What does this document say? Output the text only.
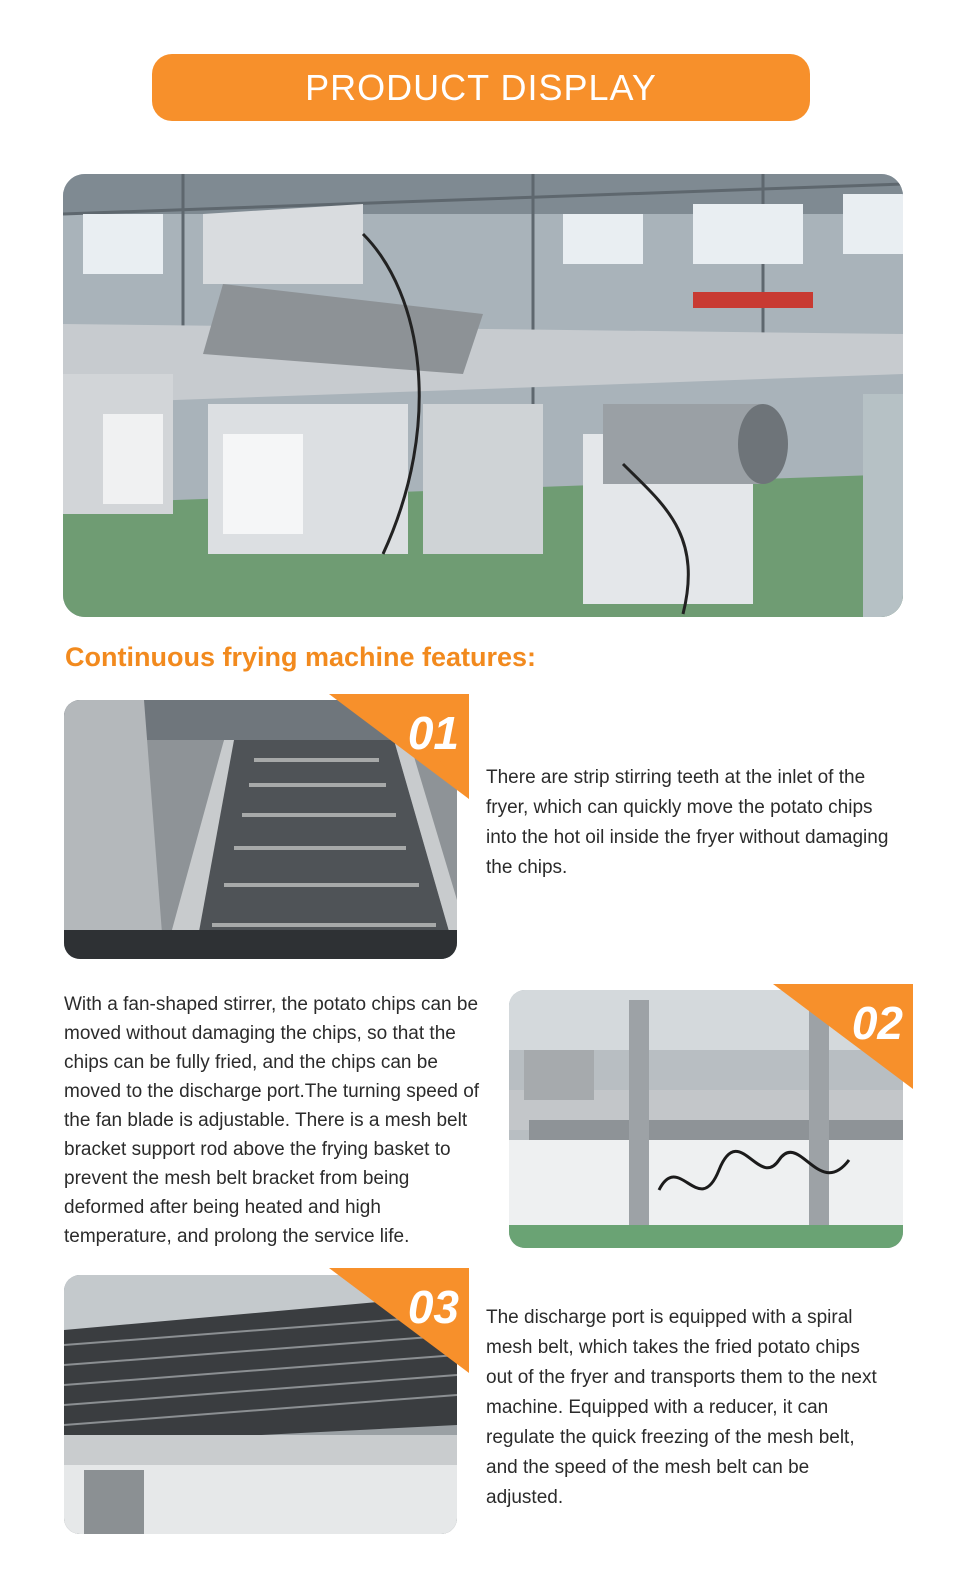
PRODUCT DISPLAY
Continuous frying machine features:
01
There are strip stirring teeth at the inlet of the fryer, which can quickly move the potato chips into the hot oil inside the fryer without damaging the chips.
With a fan-shaped stirrer, the potato chips can be moved without damaging the chips, so that the chips can be fully fried, and the chips can be moved to the discharge port.The turning speed of the fan blade is adjustable. There is a mesh belt bracket support rod above the frying basket to prevent the mesh belt bracket from being deformed after being heated and high temperature, and prolong the service life.
02
03 The discharge port is equipped with a spiral mesh belt, which takes the fried potato chips out of the fryer and transports them to the next machine. Equipped with a reducer, it can regulate the quick freezing of the mesh belt, and the speed of the mesh belt can be adjusted.
